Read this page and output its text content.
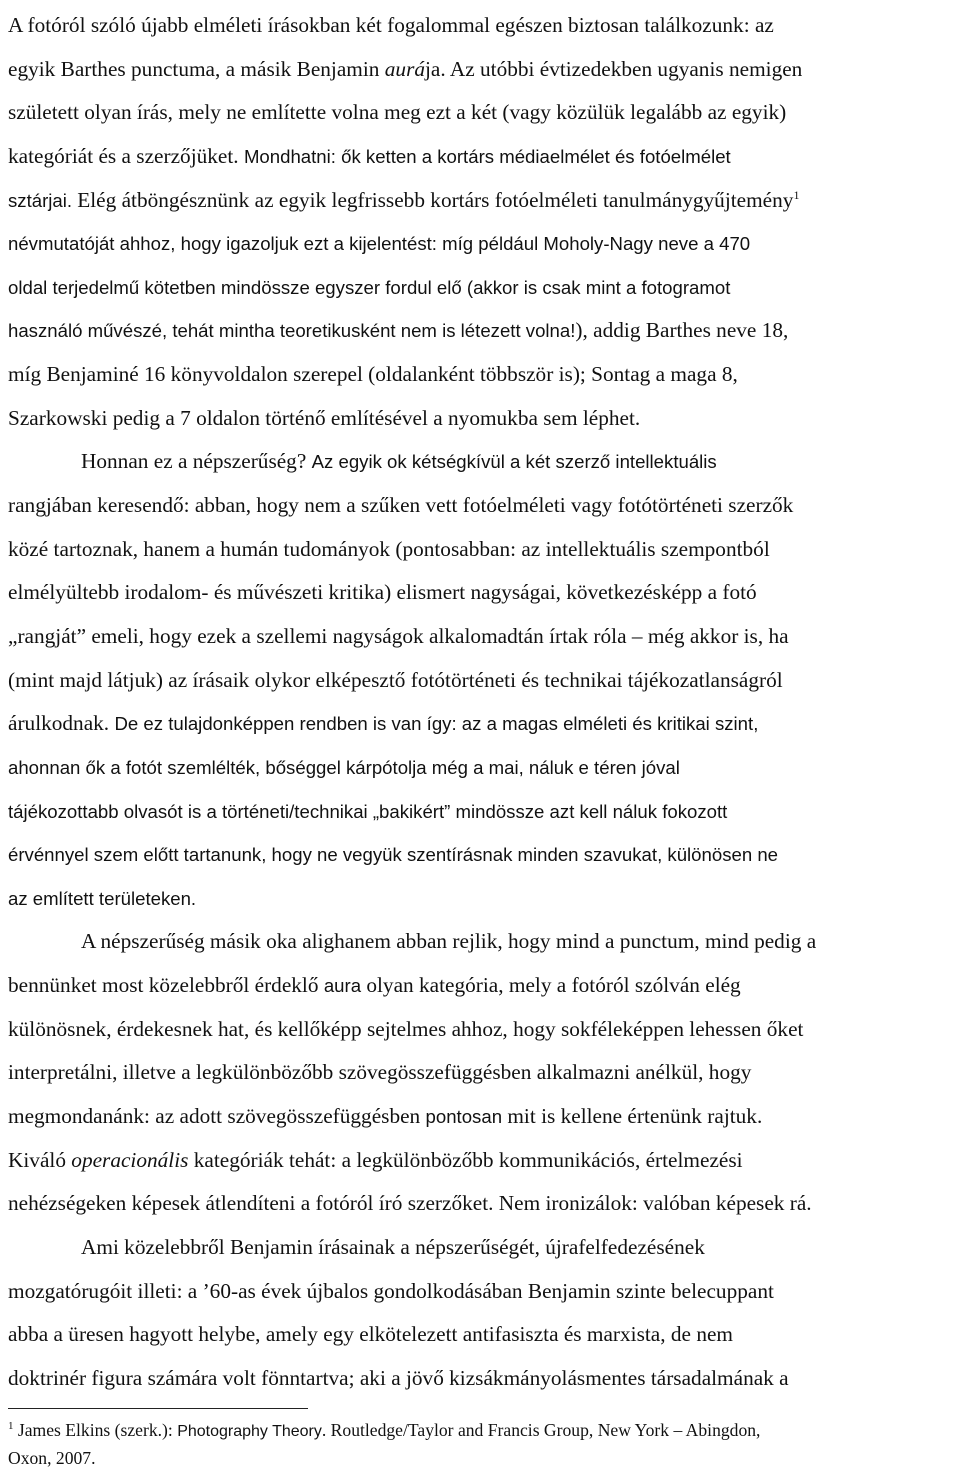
A fotóról szóló újabb elméleti írásokban két fogalommal egészen biztosan találkozunk: az
egyik Barthes punctuma, a másik Benjamin aurája. Az utóbbi évtizedekben ugyanis nemigen
született olyan írás, mely ne említette volna meg ezt a két (vagy közülük legalább az egyik)
kategóriát és a szerzőjüket. Mondhatni: ők ketten a kortárs médiaelmélet és fotóelmélet
sztárjai. Elég átböngésznünk az egyik legfrissebb kortárs fotóelméleti tanulmánygyűjtemény$^1$
névmutatóját ahhoz, hogy igazoljuk ezt a kijelentést: míg például Moholy-Nagy neve a 470
oldal terjedelmű kötetben mindössze egyszer fordul elő (akkor is csak mint a fotogramot
használó művészé, tehát mintha teoretikusként nem is létezett volna!), addig Barthes neve 18,
míg Benjaminé 16 könyvoldalon szerepel (oldalanként többször is); Sontag a maga 8,
Szarkowski pedig a 7 oldalon történő említésével a nyomukba sem léphet.
Honnan ez a népszerűség? Az egyik ok kétségkívül a két szerző intellektuális
rangjában keresendő: abban, hogy nem a szűken vett fotóelméleti vagy fotótörténeti szerzők
közé tartoznak, hanem a humán tudományok (pontosabban: az intellektuális szempontból
elmélyültebb irodalom- és művészeti kritika) elismert nagyságai, következésképp a fotó
„rangját” emeli, hogy ezek a szellemi nagyságok alkalomadtán írtak róla – még akkor is, ha
(mint majd látjuk) az írásaik olykor elképesztő fotótörténeti és technikai tájékozatlanságról
árulkodnak. De ez tulajdonképpen rendben is van így: az a magas elméleti és kritikai szint,
ahonnan ők a fotót szemlélték, bőséggel kárpótolja még a mai, náluk e téren jóval
tájékozottabb olvasót is a történeti/technikai „bakikért” mindössze azt kell náluk fokozott
érvénnyel szem előtt tartanunk, hogy ne vegyük szentírásnak minden szavukat, különösen ne
az említett területeken.
A népszerűség másik oka alighanem abban rejlik, hogy mind a punctum, mind pedig a
bennünket most közelebbről érdeklő aura olyan kategória, mely a fotóról szólván elég
különösnek, érdekesnek hat, és kellőképp sejtelmes ahhoz, hogy sokféleképpen lehessen őket
interpretálni, illetve a legkülönbözőbb szövegösszefüggésben alkalmazni anélkül, hogy
megmondanánk: az adott szövegösszefüggésben pontosan mit is kellene értenünk rajtuk.
Kiváló operacionális kategóriák tehát: a legkülönbözőbb kommunikációs, értelmezési
nehézségeken képesek átlendíteni a fotóról író szerzőket. Nem ironizálok: valóban képesek rá.
Ami közelebbről Benjamin írásainak a népszerűségét, újrafelfedezésének
mozgatórugóit illeti: a ’60-as évek újbalos gondolkodásában Benjamin szinte belecuppant
abba a üresen hagyott helybe, amely egy elkötelezett antifasiszta és marxista, de nem
doktrinér figura számára volt fönntartva; aki a jövő kizsákmányolásmentes társadalmának a
$^1$ James Elkins (szerk.): Photography Theory. Routledge/Taylor and Francis Group, New York – Abingdon,
Oxon, 2007.
